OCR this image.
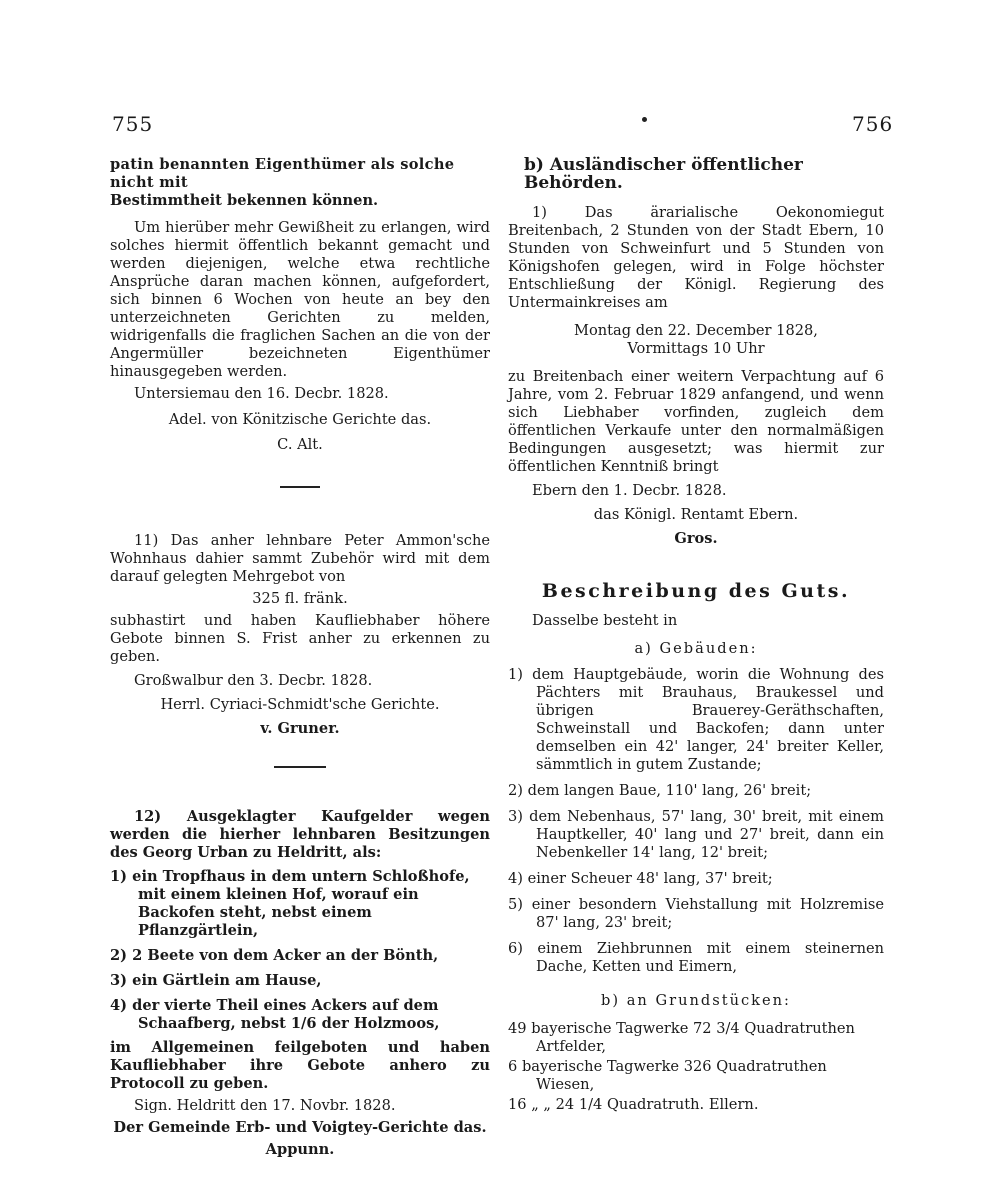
755	756

patin benannten Eigenthümer als solche nicht mit

Bestimmtheit bekennen können.

Um hierüber mehr Gewißheit zu erlangen, wird solches hiermit öffentlich bekannt gemacht und werden diejenigen, welche etwa rechtliche Ansprüche daran machen können, aufgefordert, sich binnen 6 Wochen von heute an bey den unterzeichneten Gerichten zu melden, widrigenfalls die fraglichen Sachen an die von der Angermüller bezeichneten Eigenthümer hinausgegeben werden.

Untersiemau den 16. Decbr. 1828.

Adel. von Könitzische Gerichte das.

C. Alt.

11) Das anher lehnbare Peter Ammon'sche Wohnhaus dahier sammt Zubehör wird mit dem darauf gelegten Mehrgebot von

325 fl. fränk.

subhastirt und haben Kaufliebhaber höhere Gebote binnen S. Frist anher zu erkennen zu geben.

Großwalbur den 3. Decbr. 1828.

Herrl. Cyriaci-Schmidt'sche Gerichte.

v. Gruner.

12) Ausgeklagter Kaufgelder wegen werden die hierher lehnbaren Besitzungen des Georg Urban zu Heldritt, als:

1) ein Tropfhaus in dem untern Schloßhofe, mit einem kleinen Hof, worauf ein Backofen steht, nebst einem Pflanzgärtlein,

2) 2 Beete von dem Acker an der Bönth,

3) ein Gärtlein am Hause,

4) der vierte Theil eines Ackers auf dem Schaafberg, nebst 1/6 der Holzmoos,

im Allgemeinen feilgeboten und haben Kaufliebhaber ihre Gebote anhero zu Protocoll zu geben.

Sign. Heldritt den 17. Novbr. 1828.

Der Gemeinde Erb- und Voigtey-Gerichte das.

Appunn.

b) Ausländischer öffentlicher Behörden.

1) Das ärarialische Oekonomiegut Breitenbach, 2 Stunden von der Stadt Ebern, 10 Stunden von Schweinfurt und 5 Stunden von Königshofen gelegen, wird in Folge höchster Entschließung der Königl. Regierung des Untermainkreises am

Montag den 22. December 1828,

Vormittags 10 Uhr

zu Breitenbach einer weitern Verpachtung auf 6 Jahre, vom 2. Februar 1829 anfangend, und wenn sich Liebhaber vorfinden, zugleich dem öffentlichen Verkaufe unter den normalmäßigen Bedingungen ausgesetzt; was hiermit zur öffentlichen Kenntniß bringt

Ebern den 1. Decbr. 1828.

das Königl. Rentamt Ebern.

Gros.

Beschreibung des Guts.

Dasselbe besteht in

a) Gebäuden:

1) dem Hauptgebäude, worin die Wohnung des Pächters mit Brauhaus, Braukessel und übrigen Brauerey-Geräthschaften, Schweinstall und Backofen; dann unter demselben ein 42' langer, 24' breiter Keller, sämmtlich in gutem Zustande;

2) dem langen Baue, 110' lang, 26' breit;

3) dem Nebenhaus, 57' lang, 30' breit, mit einem Hauptkeller, 40' lang und 27' breit, dann ein Nebenkeller 14' lang, 12' breit;

4) einer Scheuer 48' lang, 37' breit;

5) einer besondern Viehstallung mit Holzremise 87' lang, 23' breit;

6) einem Ziehbrunnen mit einem steinernen Dache, Ketten und Eimern,

b) an Grundstücken:

49 bayerische Tagwerke 72 3/4 Quadratruthen Artfelder,

6 bayerische Tagwerke 326 Quadratruthen Wiesen,

16 „ „ 24 1/4 Quadratruth. Ellern.
